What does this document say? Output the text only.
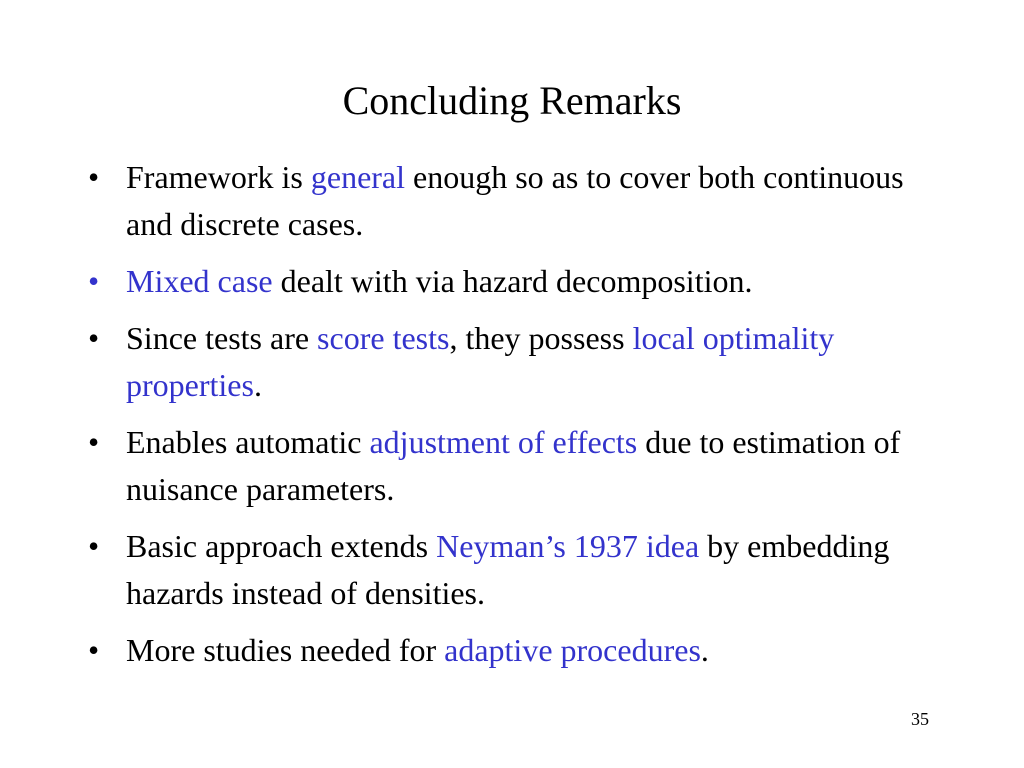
Concluding Remarks
• Framework is general enough so as to cover both continuous and discrete cases.
• Mixed case dealt with via hazard decomposition.
• Since tests are score tests, they possess local optimality properties.
• Enables automatic adjustment of effects due to estimation of nuisance parameters.
• Basic approach extends Neyman’s 1937 idea by embedding hazards instead of densities.
• More studies needed for adaptive procedures.
35
